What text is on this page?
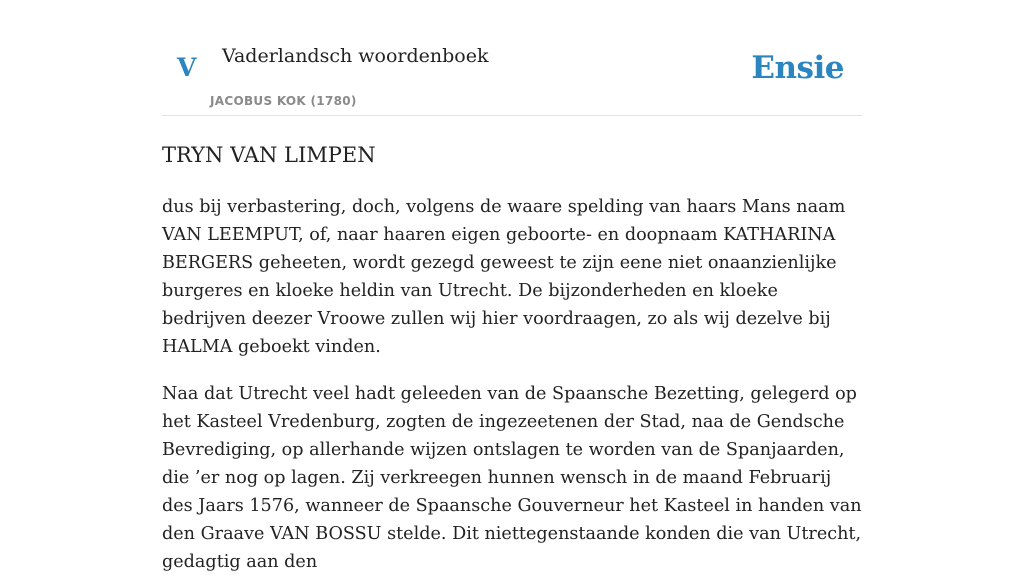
V Vaderlandsch woordenboek
JACOBUS KOK (1780)
Ensie
TRYN VAN LIMPEN

dus bij verbastering, doch, volgens de waare spelding van haars Mans naam VAN LEEMPUT, of, naar haaren eigen geboorte- en doopnaam KATHARINA BERGERS geheeten, wordt gezegd geweest te zijn eene niet onaanzienlijke burgeres en kloeke heldin van Utrecht. De bijzonderheden en kloeke bedrijven deezer Vroowe zullen wij hier voordraagen, zo als wij dezelve bij HALMA geboekt vinden.

Naa dat Utrecht veel hadt geleeden van de Spaansche Bezetting, gelegerd op het Kasteel Vredenburg, zogten de ingezeetenen der Stad, naa de Gendsche Bevrediging, op allerhande wijzen ontslagen te worden van de Spanjaarden, die ’er nog op lagen. Zij verkreegen hunnen wensch in de maand Februarij des Jaars 1576, wanneer de Spaansche Gouverneur het Kasteel in handen van den Graave VAN BOSSU stelde. Dit niettegenstaande konden die van Utrecht, gedagtig aan den
